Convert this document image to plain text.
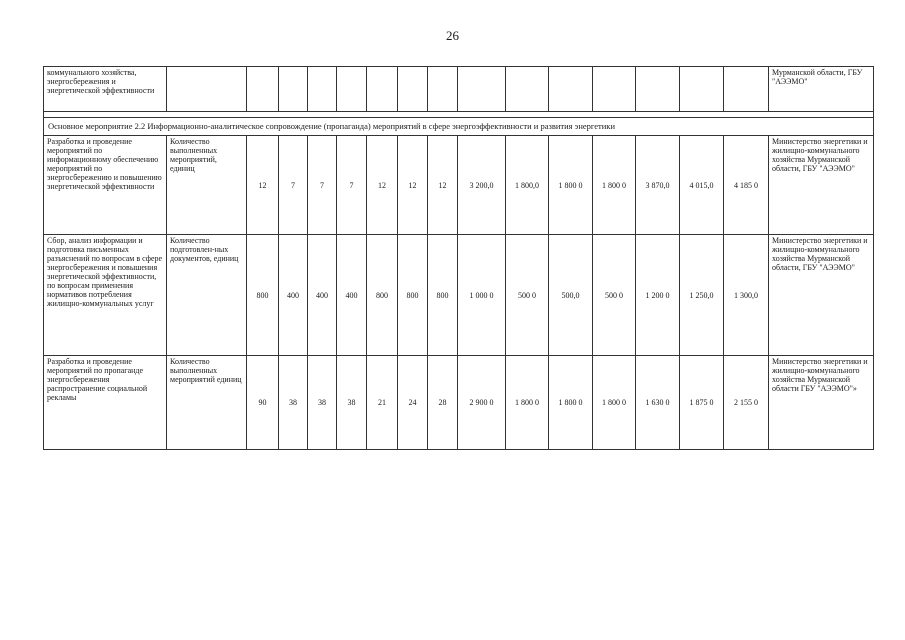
26
коммунального хозяйства, энергосбережения и энергетической эффективности																Мурманской области, ГБУ "АЭЭМО"

Основное мероприятие 2.2 Информационно-аналитическое сопровождение (пропаганда) мероприятий в сфере энергоэффективности и развития энергетики																
Разработка и проведение мероприятий по информационному обеспечению мероприятий по энергосбережению и повышению энергетической эффективности	Количество выполненных мероприятий, единиц	12	7	7	7	12	12	12	3 200,0	1 800,0	1 800 0	1 800 0	3 870,0	4 015,0	4 185 0	Министерство энергетики и жилищно-коммунального хозяйства Мурманской области, ГБУ "АЭЭМО"
Сбор, анализ информации и подготовка письменных разъяснений по вопросам в сфере энергосбережения и повышения энергетической эффективности, по вопросам применения нормативов потребления жилищно-коммунальных услуг	Количество подготовлен-ных документов, единиц	800	400	400	400	800	800	800	1 000 0	500 0	500,0	500 0	1 200 0	1 250,0	1 300,0	Министерство энергетики и жилищно-коммунального хозяйства Мурманской области, ГБУ "АЭЭМО"
Разработка и проведение мероприятий по пропаганде энергосбережения распространение социальной рекламы	Количество выполненных мероприятий единиц	90	38	38	38	21	24	28	2 900 0	1 800 0	1 800 0	1 800 0	1 630 0	1 875 0	2 155 0	Министерство энергетики и жилищно-коммунального хозяйства Мурманской области ГБУ "АЭЭМО"»
